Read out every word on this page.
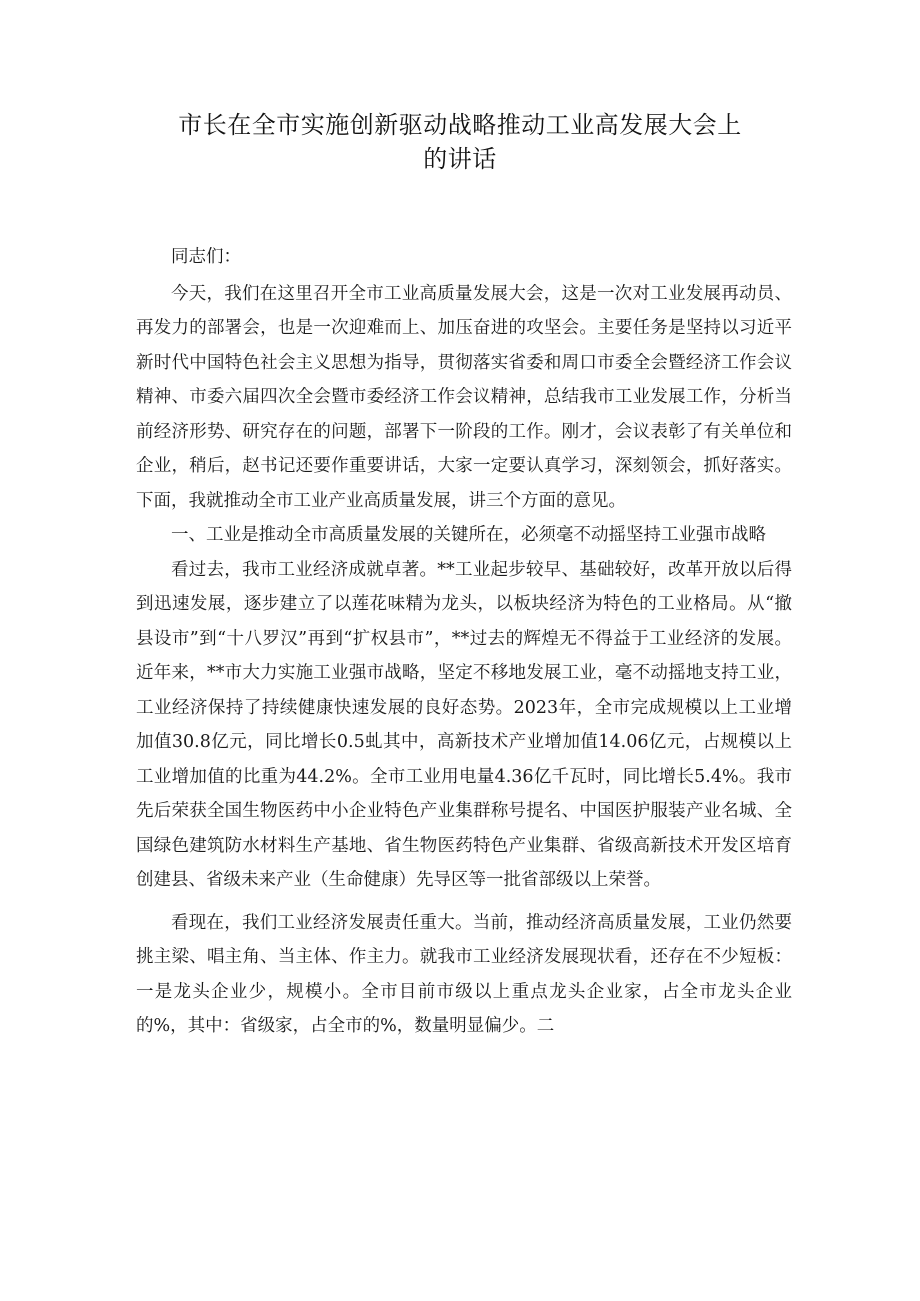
市长在全市实施创新驱动战略推动工业高发展大会上
的讲话

同志们：

今天，我们在这里召开全市工业高质量发展大会，这是一次对工业发展再动员、再发力的部署会，也是一次迎难而上、加压奋进的攻坚会。主要任务是坚持以习近平新时代中国特色社会主义思想为指导，贯彻落实省委和周口市委全会暨经济工作会议精神、市委六届四次全会暨市委经济工作会议精神，总结我市工业发展工作，分析当前经济形势、研究存在的问题，部署下一阶段的工作。刚才，会议表彰了有关单位和企业，稍后，赵书记还要作重要讲话，大家一定要认真学习，深刻领会，抓好落实。下面，我就推动全市工业产业高质量发展，讲三个方面的意见。

一、工业是推动全市高质量发展的关键所在，必须毫不动摇坚持工业强市战略

看过去，我市工业经济成就卓著。**工业起步较早、基础较好，改革开放以后得到迅速发展，逐步建立了以莲花味精为龙头，以板块经济为特色的工业格局。从“撤县设市”到“十八罗汉”再到“扩权县市”，**过去的辉煌无不得益于工业经济的发展。近年来，**市大力实施工业强市战略，坚定不移地发展工业，毫不动摇地支持工业，工业经济保持了持续健康快速发展的良好态势。2023年，全市完成规模以上工业增加值30.8亿元，同比增长0.5虬其中，高新技术产业增加值14.06亿元，占规模以上工业增加值的比重为44.2%。全市工业用电量4.36亿千瓦时，同比增长5.4%。我市先后荣获全国生物医药中小企业特色产业集群称号提名、中国医护服装产业名城、全国绿色建筑防水材料生产基地、省生物医药特色产业集群、省级高新技术开发区培育创建县、省级未来产业（生命健康）先导区等一批省部级以上荣誉。

看现在，我们工业经济发展责任重大。当前，推动经济高质量发展，工业仍然要挑主梁、唱主角、当主体、作主力。就我市工业经济发展现状看，还存在不少短板：一是龙头企业少，规模小。全市目前市级以上重点龙头企业家，占全市龙头企业的%，其中：省级家，占全市的%，数量明显偏少。二
